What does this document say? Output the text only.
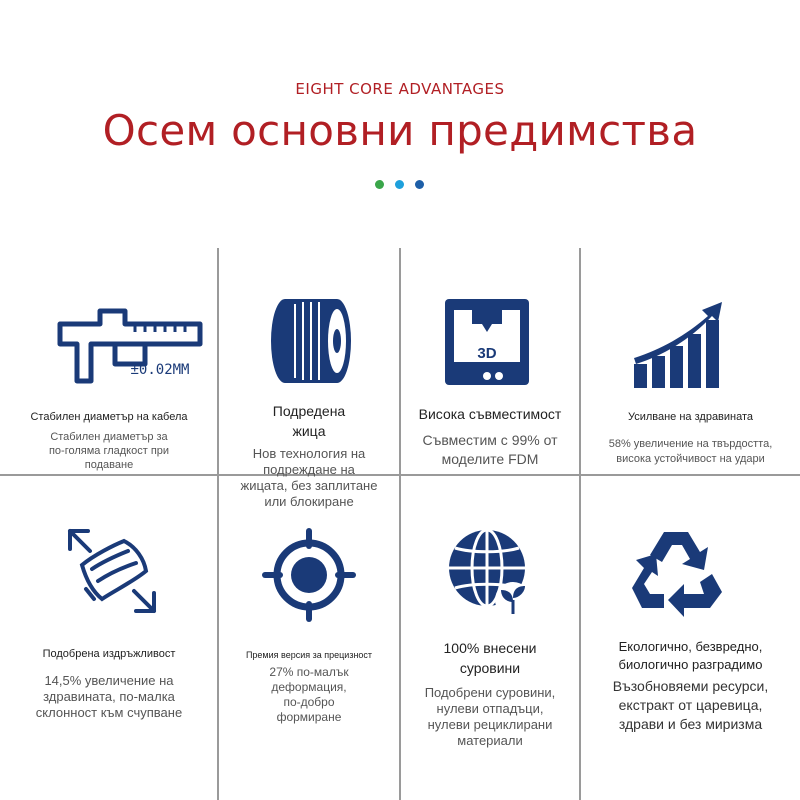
EIGHT CORE ADVANTAGES
Осем основни предимства
±0.02MM
Стабилен диаметър на кабела
Стабилен диаметър за
по-голяма гладкост при
подаване
Подредена
жица
Нов технология на
подреждане на
жицата, без заплитане
или блокиране
3D
Висока съвместимост
Съвместим с 99% от
моделите FDM
Усилване на здравината
58% увеличение на твърдостта,
висока устойчивост на удари
Подобрена издръжливост
14,5% увеличение на
здравината, по-малка
склонност към счупване
Премия версия за прецизност
27% по-малък
деформация,
по-добро
формиране
100% внесени
суровини
Подобрени суровини,
нулеви отпадъци,
нулеви рециклирани
материали
Екологично, безвредно,
биологично разградимо
Възобновяеми ресурси,
екстракт от царевица,
здрави и без миризма
